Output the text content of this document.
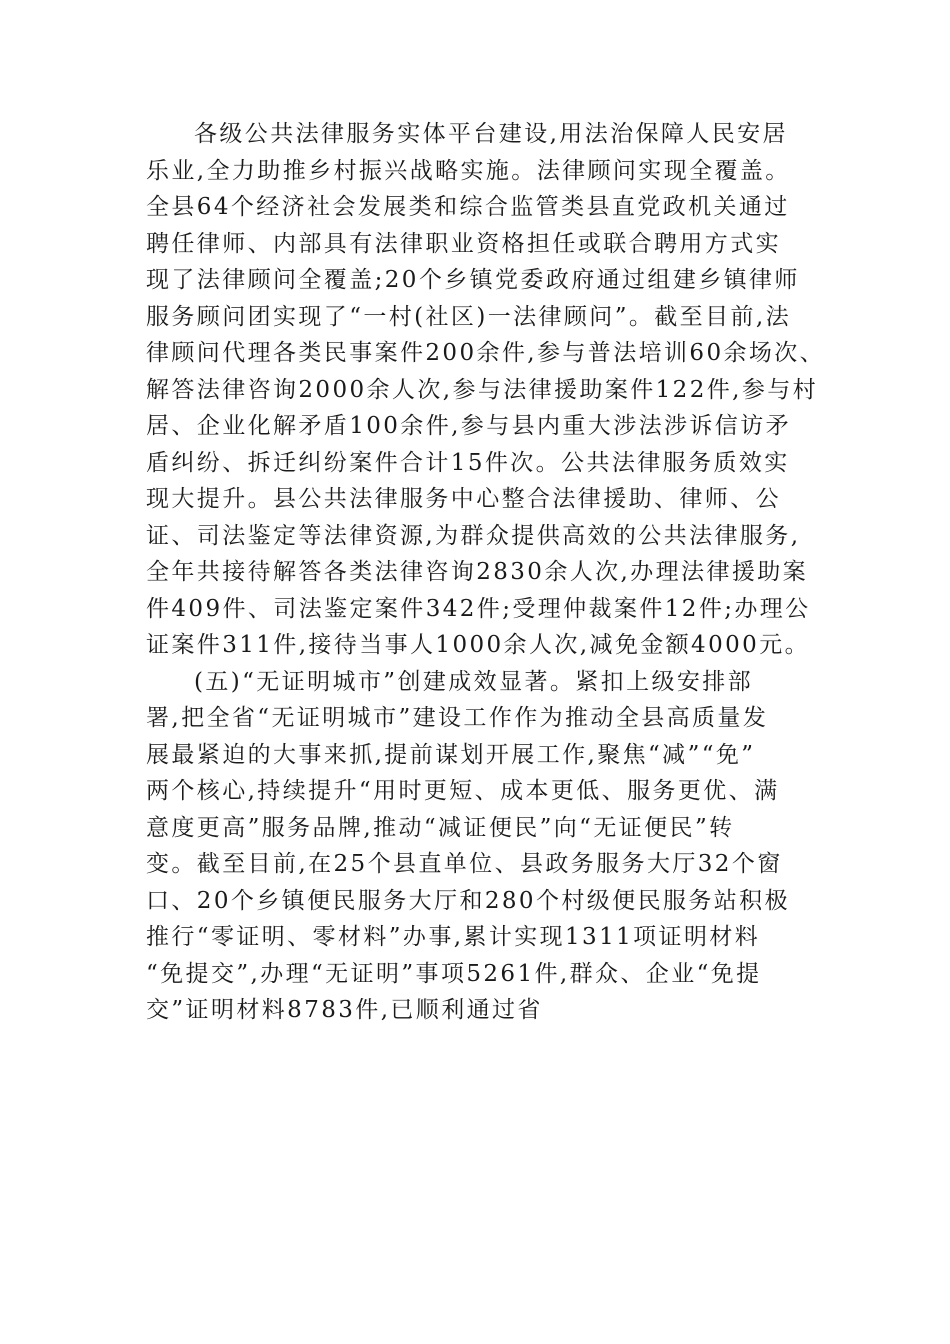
各级公共法律服务实体平台建设,用法治保障人民安居
乐业,全力助推乡村振兴战略实施。法律顾问实现全覆盖。
全县64个经济社会发展类和综合监管类县直党政机关通过
聘任律师、内部具有法律职业资格担任或联合聘用方式实
现了法律顾问全覆盖;20个乡镇党委政府通过组建乡镇律师
服务顾问团实现了“一村(社区)一法律顾问”。截至目前,法
律顾问代理各类民事案件200余件,参与普法培训60余场次、
解答法律咨询2000余人次,参与法律援助案件122件,参与村
居、企业化解矛盾100余件,参与县内重大涉法涉诉信访矛
盾纠纷、拆迁纠纷案件合计15件次。公共法律服务质效实
现大提升。县公共法律服务中心整合法律援助、律师、公
证、司法鉴定等法律资源,为群众提供高效的公共法律服务,
全年共接待解答各类法律咨询2830余人次,办理法律援助案
件409件、司法鉴定案件342件;受理仲裁案件12件;办理公
证案件311件,接待当事人1000余人次,减免金额4000元。
(五)“无证明城市”创建成效显著。紧扣上级安排部
署,把全省“无证明城市”建设工作作为推动全县高质量发
展最紧迫的大事来抓,提前谋划开展工作,聚焦“减”“免”
两个核心,持续提升“用时更短、成本更低、服务更优、满
意度更高”服务品牌,推动“减证便民”向“无证便民”转
变。截至目前,在25个县直单位、县政务服务大厅32个窗
口、20个乡镇便民服务大厅和280个村级便民服务站积极
推行“零证明、零材料”办事,累计实现1311项证明材料
“免提交”,办理“无证明”事项5261件,群众、企业“免提
交”证明材料8783件,已顺利通过省
